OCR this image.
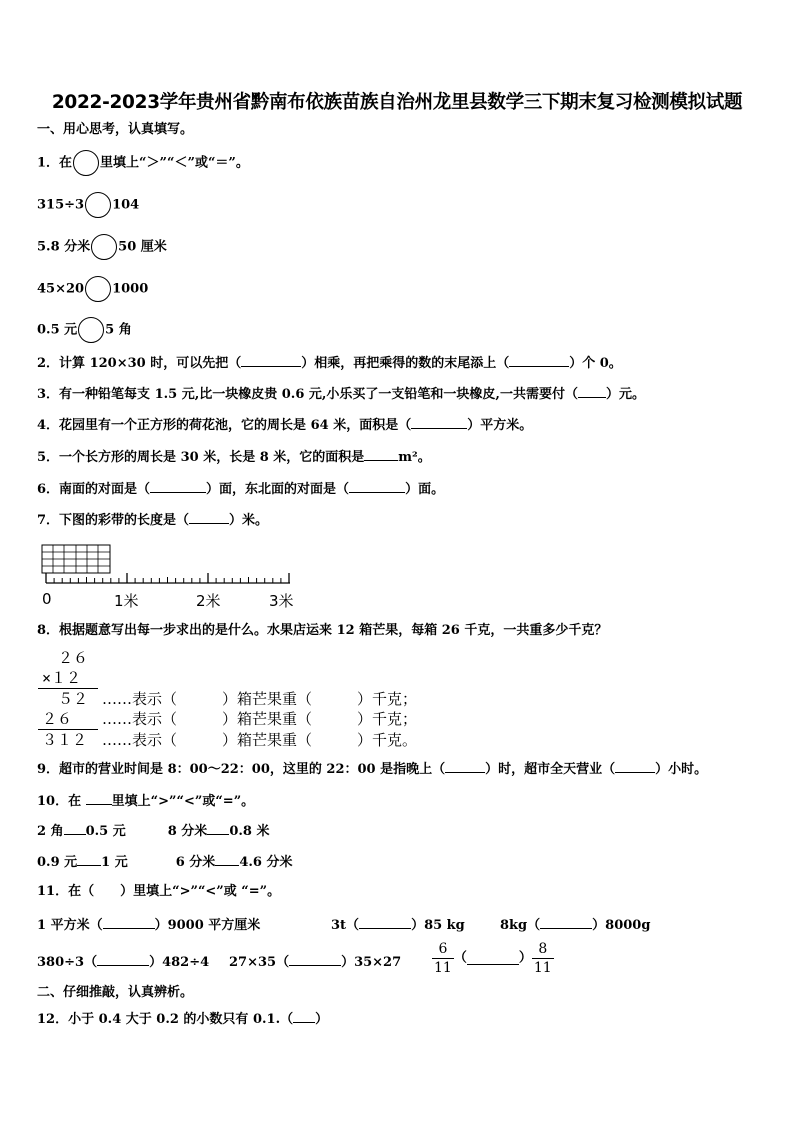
2022-2023学年贵州省黔南布依族苗族自治州龙里县数学三下期末复习检测模拟试题
一、用心思考，认真填写。
1．在 里填上“＞”“＜”或“＝”。
315÷3 104
5.8 分米 50 厘米
45×20 1000
0.5 元 5 角
2．计算 120×30 时，可以先把（	）相乘，再把乘得的数的末尾添上（	）个 0。
3．有一种铅笔每支 1.5 元,比一块橡皮贵 0.6 元,小乐买了一支铅笔和一块橡皮,一共需要付（ ）元。
4．花园里有一个正方形的荷花池，它的周长是 64 米，面积是（	）平方米。
5．一个长方形的周长是 30 米，长是 8 米，它的面积是	m²。
6．南面的对面是（	）面，东北面的对面是（	）面。
7．下图的彩带的长度是（	）米。
0	1米	2米	3米
8．根据题意写出每一步求出的是什么。水果店运来 12 箱芒果，每箱 26 千克，一共重多少千克？
２６
×１２
５２
２６
３１２
……表示（　　　）箱芒果重（　　　）千克；
……表示（　　　）箱芒果重（　　　）千克；
……表示（　　　）箱芒果重（　　　）千克。
9．超市的营业时间是 8：00～22：00，这里的 22：00 是指晚上（	）时，超市全天营业（	）小时。
10．在 里填上“>”“<”或“=”。
2 角 0.5 元	8 分米 0.8 米
0.9 元 1 元	6 分米 4.6 分米
11．在（　　）里填上“>”“<”或 “=”。
1 平方米（	）9000 平方厘米	3t（	）85 kg	8kg（	）8000g
380÷3（	）482÷4 27×35（	）$35\times 27 \frac{6}{11}$ （	） $\frac{8}{11}$
二、仔细推敲，认真辨析。
12．小于 0.4 大于 0.2 的小数只有 0.1.（ ）
